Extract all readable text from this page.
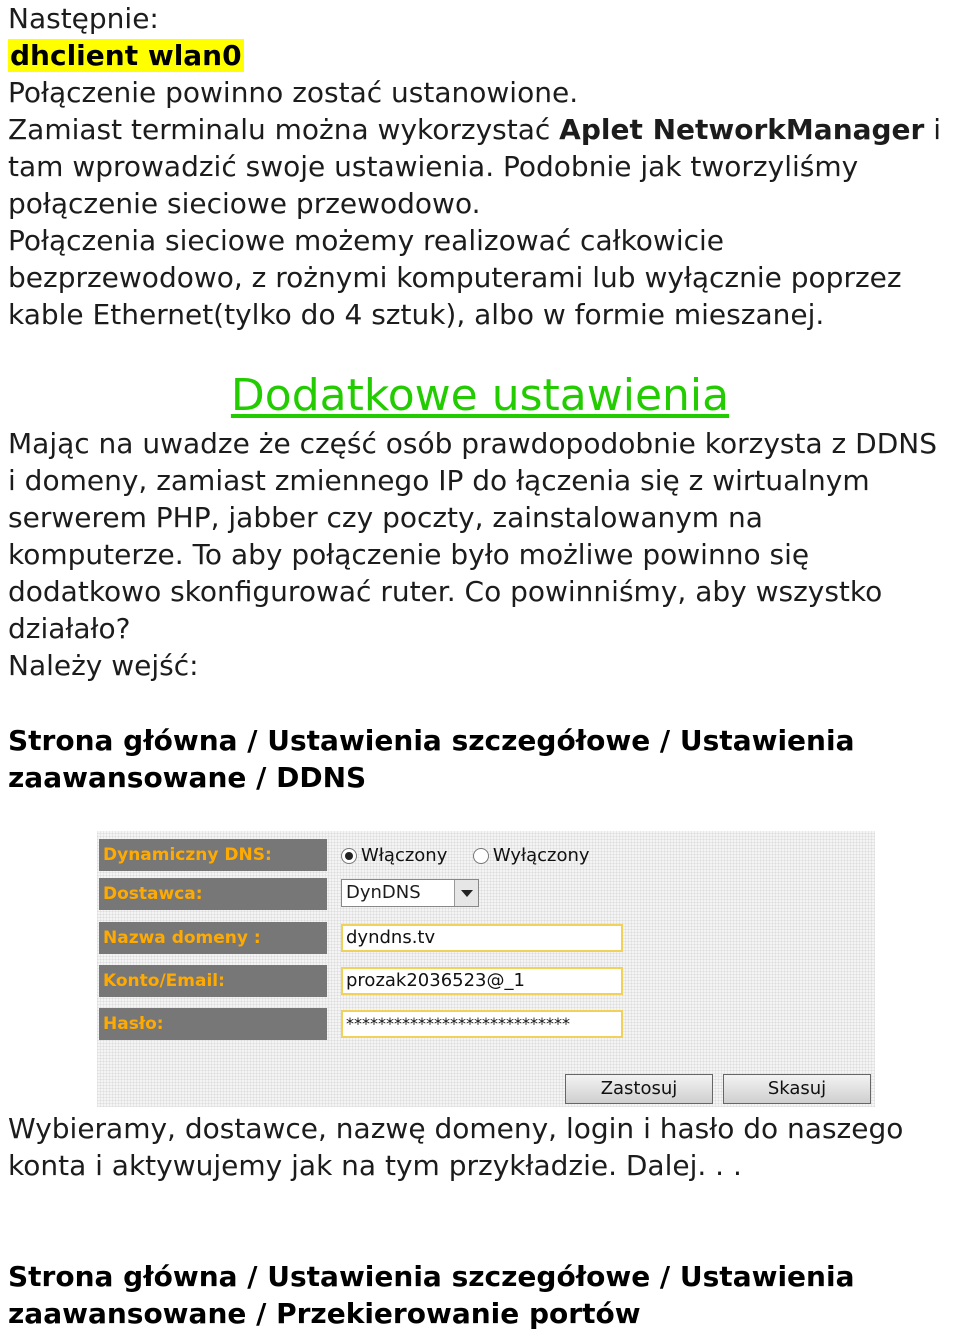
Następnie:
dhclient wlan0
Połączenie powinno zostać ustanowione.
Zamiast terminalu można wykorzystać Aplet NetworkManager i
tam wprowadzić swoje ustawienia. Podobnie jak tworzyliśmy
połączenie sieciowe przewodowo.
Połączenia sieciowe możemy realizować całkowicie
bezprzewodowo, z rożnymi komputerami lub wyłącznie poprzez
kable Ethernet(tylko do 4 sztuk), albo w formie mieszanej.
Dodatkowe ustawienia
Mając na uwadze że część osób prawdopodobnie korzysta z DDNS
i domeny, zamiast zmiennego IP do łączenia się z wirtualnym
serwerem PHP, jabber czy poczty, zainstalowanym na
komputerze. To aby połączenie było możliwe powinno się
dodatkowo skonfigurować ruter. Co powinniśmy, aby wszystko
działało?
Należy wejść:
Strona główna / Ustawienia szczegółowe / Ustawienia
zaawansowane / DDNS
Dynamiczny DNS:	Włączony	Wyłączony
Dostawca:	DynDNS
Nazwa domeny :	dyndns.tv
Konto/Email:	prozak2036523@_1
Hasło:	****************************
Zastosuj	Skasuj
Wybieramy, dostawce, nazwę domeny, login i hasło do naszego
konta i aktywujemy jak na tym przykładzie. Dalej. . .
Strona główna / Ustawienia szczegółowe / Ustawienia
zaawansowane / Przekierowanie portów
